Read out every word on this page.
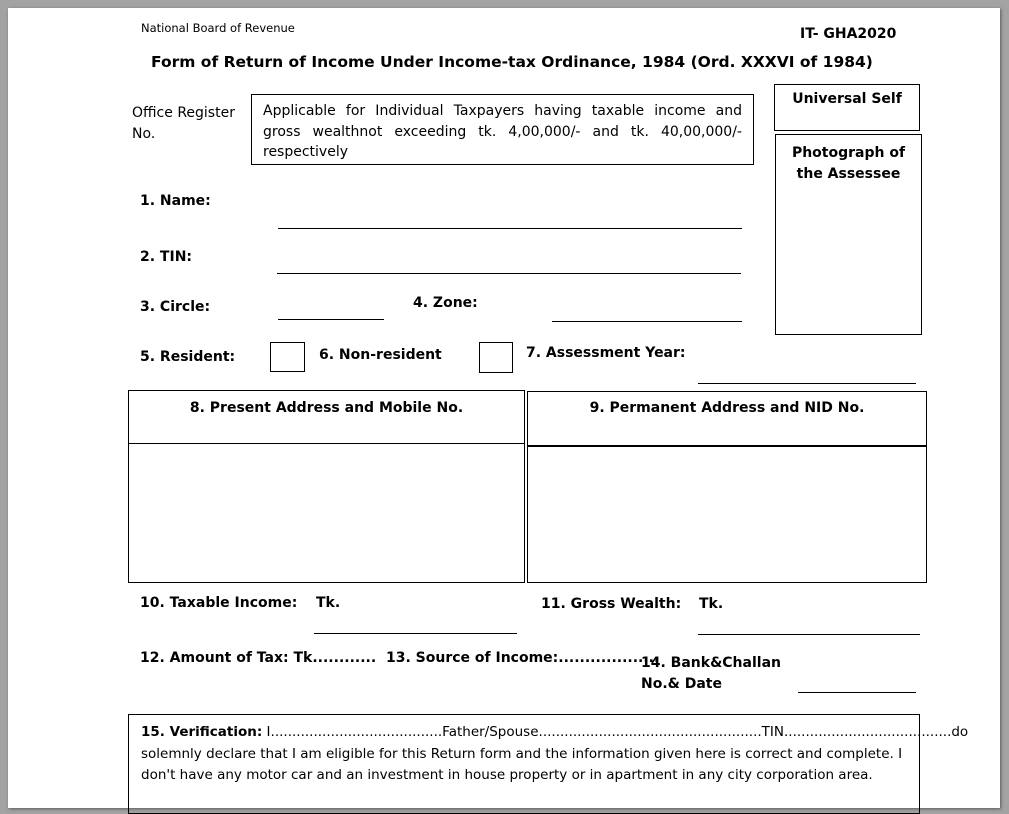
National Board of Revenue	IT- GHA2020
Form of Return of Income Under Income-tax Ordinance, 1984 (Ord. XXXVI of 1984)
Office Register
No.
Applicable for Individual Taxpayers having taxable income and
gross wealthnot exceeding tk. 4,00,000/- and tk. 40,00,000/-
respectively
Universal Self
Photograph of
the Assessee
1. Name:
2. TIN:
3. Circle:	4. Zone:
5. Resident:	6. Non-resident	7. Assessment Year:
8. Present Address and Mobile No.	9. Permanent Address and NID No.
10. Taxable Income: Tk.	11. Gross Wealth: Tk.
12. Amount of Tax: Tk............ 13. Source of Income:...................
14. Bank&Challan
No.& Date
15. Verification: I........................................Father/Spouse....................................................TIN.......................................do
solemnly declare that I am eligible for this Return form and the information given here is correct and complete. I
don't have any motor car and an investment in house property or in apartment in any city corporation area.
